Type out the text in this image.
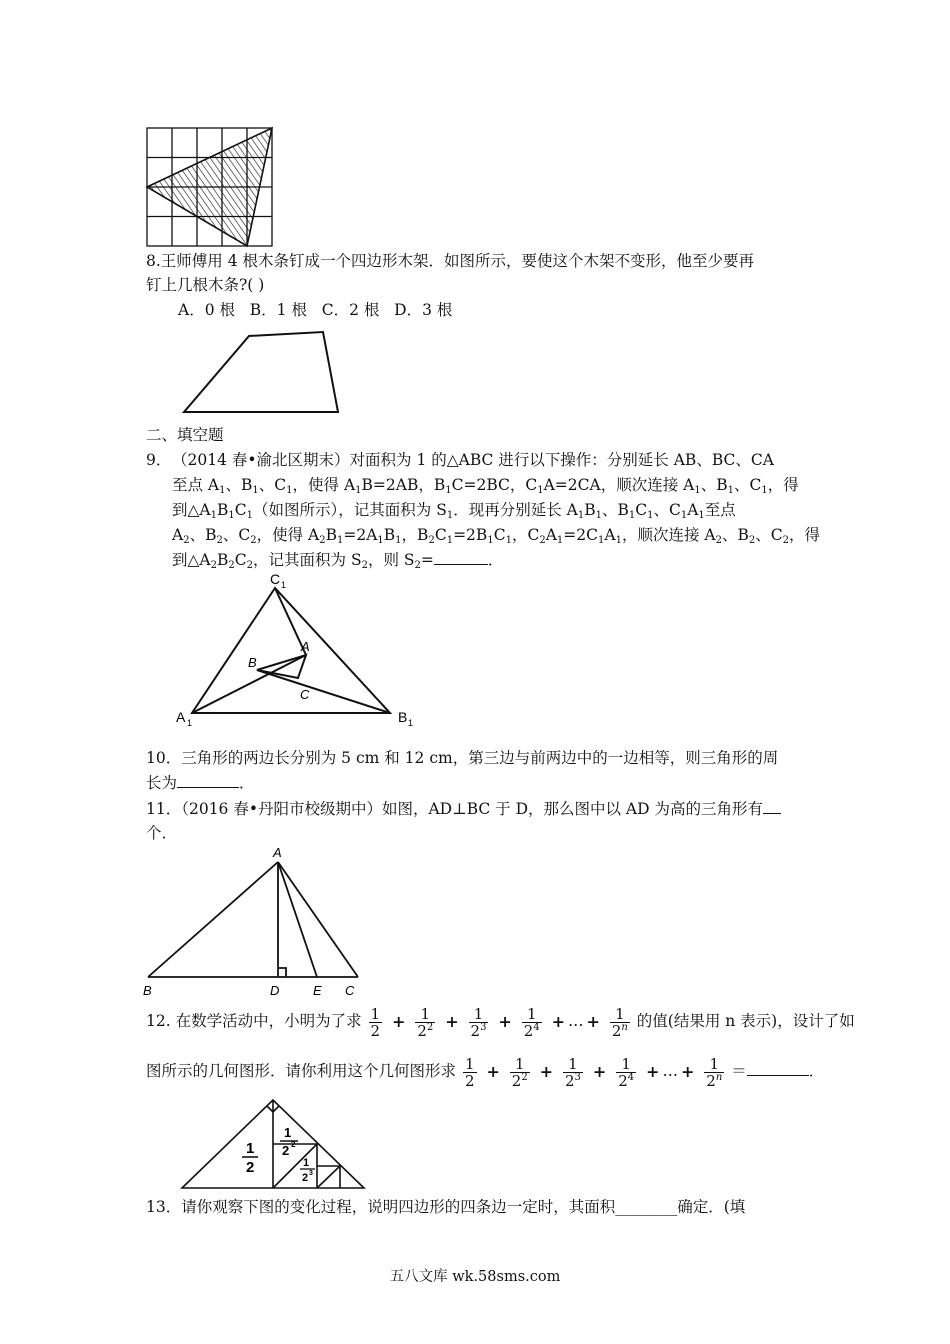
8.王师傅用 4 根木条钉成一个四边形木架．如图所示，要使这个木架不变形，他至少要再
钉上几根木条?( )
A．0 根   B．1 根   C．2 根   D．3 根
二、填空题
9． （2014 春•渝北区期末）对面积为 1 的△ABC 进行以下操作：分别延长 AB、BC、CA
至点 $A_1$、$B_1$、$C_1$，使得 $A_1B=2AB$，$B_1C=2BC$，$C_1A=2CA$，顺次连接 $A_1$、$B_1$、$C_1$，得
到$\triangle A_1B_1C_1$（如图所示），记其面积为 $S_1$．现再分别延长 $A_1B_1$、$B_1C_1$、$C_1A_1$至点
$A_2$、$B_2$、$C_2$，使得 $A_2B_1=2A_1B_1$，$B_2C_1=2B_1C_1$，$C_2A_1=2C_1A_1$，顺次连接 $A_2$、$B_2$、$C_2$，得
到$\triangle A_2B_2C_2$，记其面积为 $S_2$，则 $S_2=$	．
C 1
A 1	B 1
A
B
C
10．三角形的两边长分别为 5 cm 和 12 cm，第三边与前两边中的一边相等，则三角形的周
长为	．
11．（2016 春•丹阳市校级期中）如图，AD⊥BC 于 D，那么图中以 AD 为高的三角形有
个．
A
B	D	E C
12. 在数学活动中，小明为了求 $\frac{1}{2} + \frac{1}{2^2} + \frac{1}{2^3} + \frac{1}{2^4}$ + … + $\frac{1}{2^n}$ 的值(结果用 n 表示)，设计了如
图所示的几何图形．请你利用这个几何图形求 $\frac{1}{2} + \frac{1}{2^2} + \frac{1}{2^3} + \frac{1}{2^4}$ + … + $\frac{1}{2^n}$ ＝	．
1
2
1
2 2
1
2 3
13．请你观察下图的变化过程，说明四边形的四条边一定时，其面积________确定．(填
五八文库 wk.58sms.com
